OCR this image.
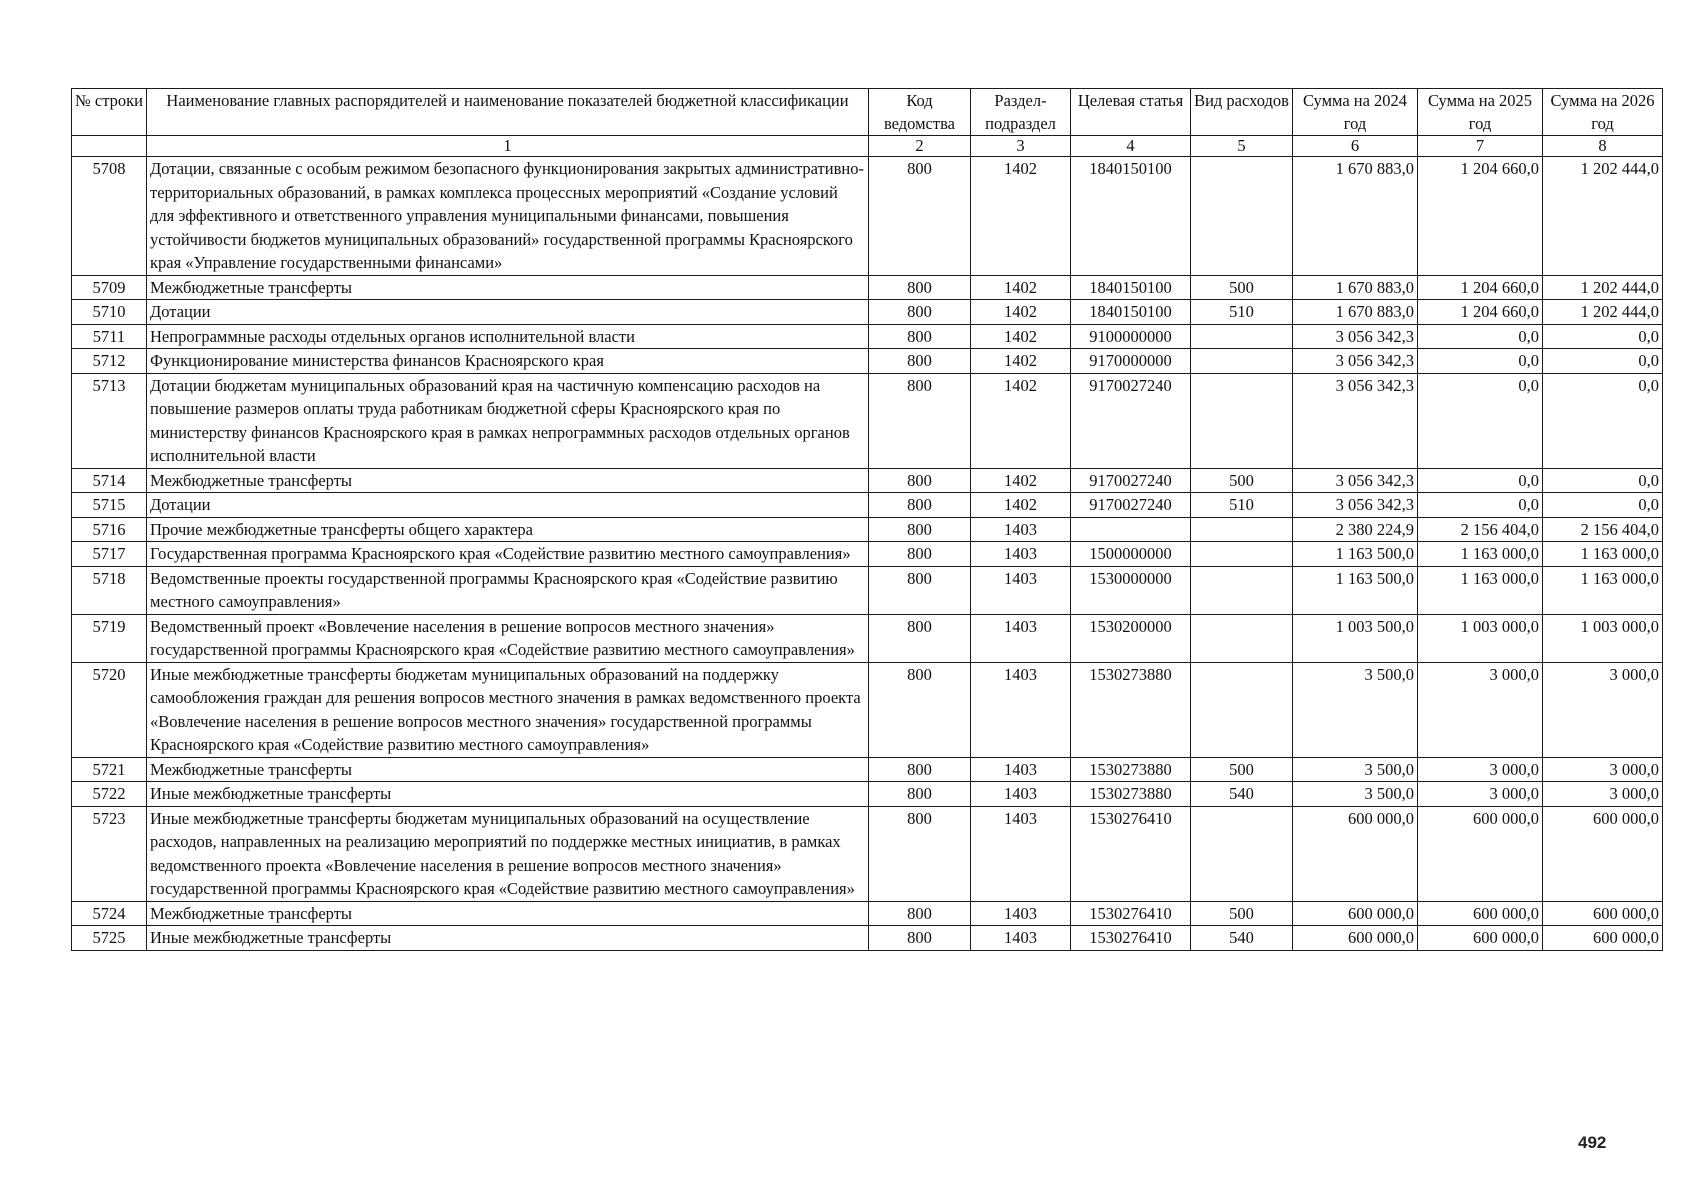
№ строки	Наименование главных распорядителей и наименование показателей бюджетной классификации	Код ведомства	Раздел-подраздел	Целевая статья	Вид расходов	Сумма на 2024 год	Сумма на 2025 год	Сумма на 2026 год
	1	2	3	4	5	6	7	8
5708	Дотации, связанные с особым режимом безопасного функционирования закрытых административно-территориальных образований, в рамках комплекса процессных мероприятий «Создание условий для эффективного и ответственного управления муниципальными финансами, повышения устойчивости бюджетов муниципальных образований» государственной программы Красноярского края «Управление государственными финансами»	800	1402	1840150100		1 670 883,0	1 204 660,0	1 202 444,0
5709	Межбюджетные трансферты	800	1402	1840150100	500	1 670 883,0	1 204 660,0	1 202 444,0
5710	Дотации	800	1402	1840150100	510	1 670 883,0	1 204 660,0	1 202 444,0
5711	Непрограммные расходы отдельных органов исполнительной власти	800	1402	9100000000		3 056 342,3	0,0	0,0
5712	Функционирование министерства финансов Красноярского края	800	1402	9170000000		3 056 342,3	0,0	0,0
5713	Дотации бюджетам муниципальных образований края на частичную компенсацию расходов на повышение размеров оплаты труда работникам бюджетной сферы Красноярского края по министерству финансов Красноярского края в рамках непрограммных расходов отдельных органов исполнительной власти	800	1402	9170027240		3 056 342,3	0,0	0,0
5714	Межбюджетные трансферты	800	1402	9170027240	500	3 056 342,3	0,0	0,0
5715	Дотации	800	1402	9170027240	510	3 056 342,3	0,0	0,0
5716	Прочие межбюджетные трансферты общего характера	800	1403			2 380 224,9	2 156 404,0	2 156 404,0
5717	Государственная программа Красноярского края «Содействие развитию местного самоуправления»	800	1403	1500000000		1 163 500,0	1 163 000,0	1 163 000,0
5718	Ведомственные проекты государственной программы Красноярского края «Содействие развитию местного самоуправления»	800	1403	1530000000		1 163 500,0	1 163 000,0	1 163 000,0
5719	Ведомственный проект «Вовлечение населения в решение вопросов местного значения» государственной программы Красноярского края «Содействие развитию местного самоуправления»	800	1403	1530200000		1 003 500,0	1 003 000,0	1 003 000,0
5720	Иные межбюджетные трансферты бюджетам муниципальных образований на поддержку самообложения граждан для решения вопросов местного значения в рамках ведомственного проекта «Вовлечение населения в решение вопросов местного значения» государственной программы Красноярского края «Содействие развитию местного самоуправления»	800	1403	1530273880		3 500,0	3 000,0	3 000,0
5721	Межбюджетные трансферты	800	1403	1530273880	500	3 500,0	3 000,0	3 000,0
5722	Иные межбюджетные трансферты	800	1403	1530273880	540	3 500,0	3 000,0	3 000,0
5723	Иные межбюджетные трансферты бюджетам муниципальных образований на осуществление расходов, направленных на реализацию мероприятий по поддержке местных инициатив, в рамках ведомственного проекта «Вовлечение населения в решение вопросов местного значения» государственной программы Красноярского края «Содействие развитию местного самоуправления»	800	1403	1530276410		600 000,0	600 000,0	600 000,0
5724	Межбюджетные трансферты	800	1403	1530276410	500	600 000,0	600 000,0	600 000,0
5725	Иные межбюджетные трансферты	800	1403	1530276410	540	600 000,0	600 000,0	600 000,0
492
